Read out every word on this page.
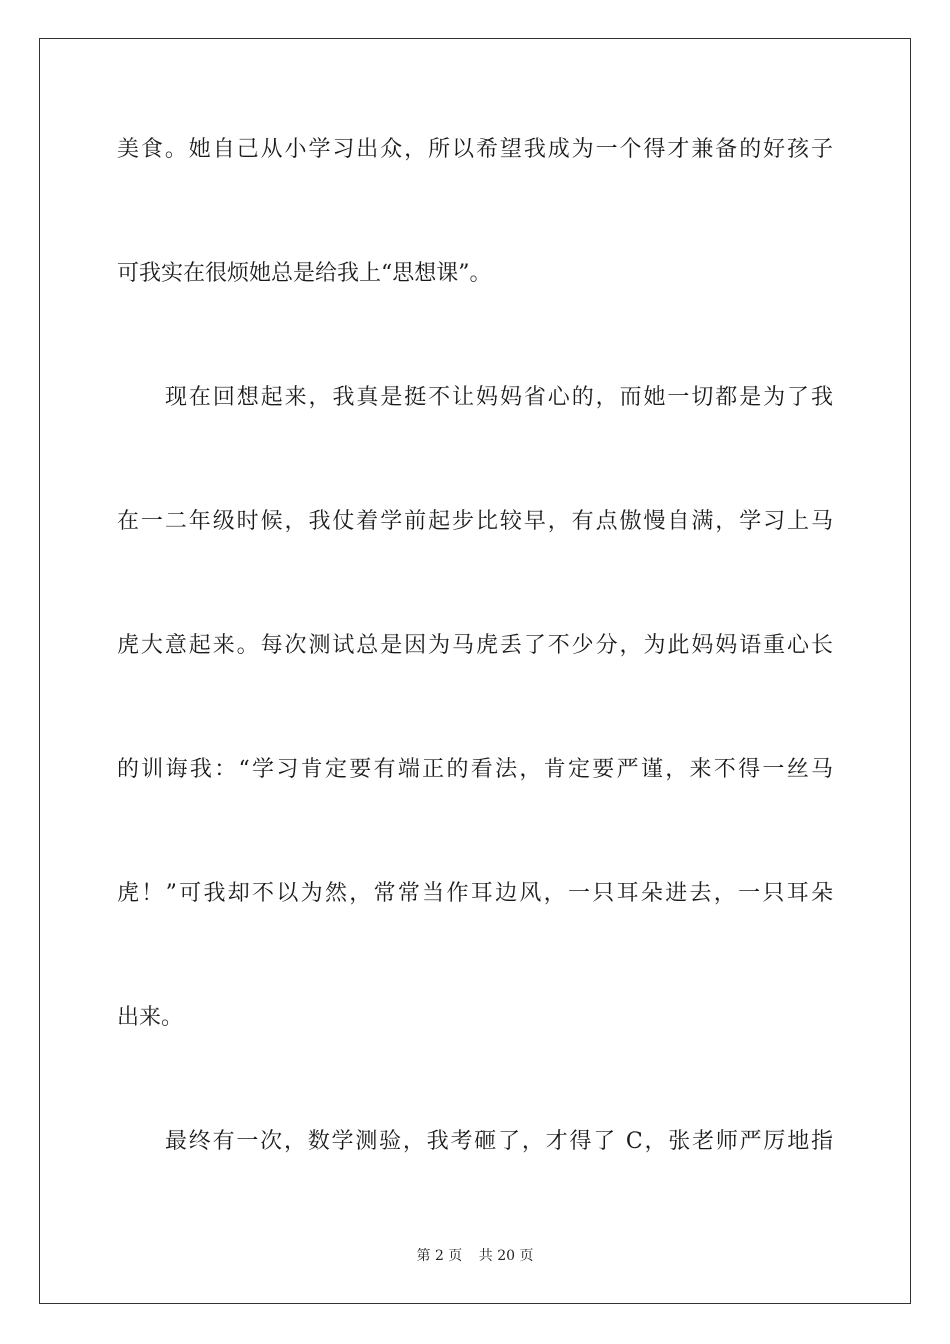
美食。她自己从小学习出众，所以希望我成为一个得才兼备的好孩子
可我实在很烦她总是给我上“思想课”。
现在回想起来，我真是挺不让妈妈省心的，而她一切都是为了我
在一二年级时候，我仗着学前起步比较早，有点傲慢自满，学习上马
虎大意起来。每次测试总是因为马虎丢了不少分，为此妈妈语重心长
的训诲我：“学习肯定要有端正的看法，肯定要严谨，来不得一丝马
虎！”可我却不以为然，常常当作耳边风，一只耳朵进去，一只耳朵
出来。
最终有一次，数学测验，我考砸了，才得了 C，张老师严厉地指
第 2 页 共 20 页
